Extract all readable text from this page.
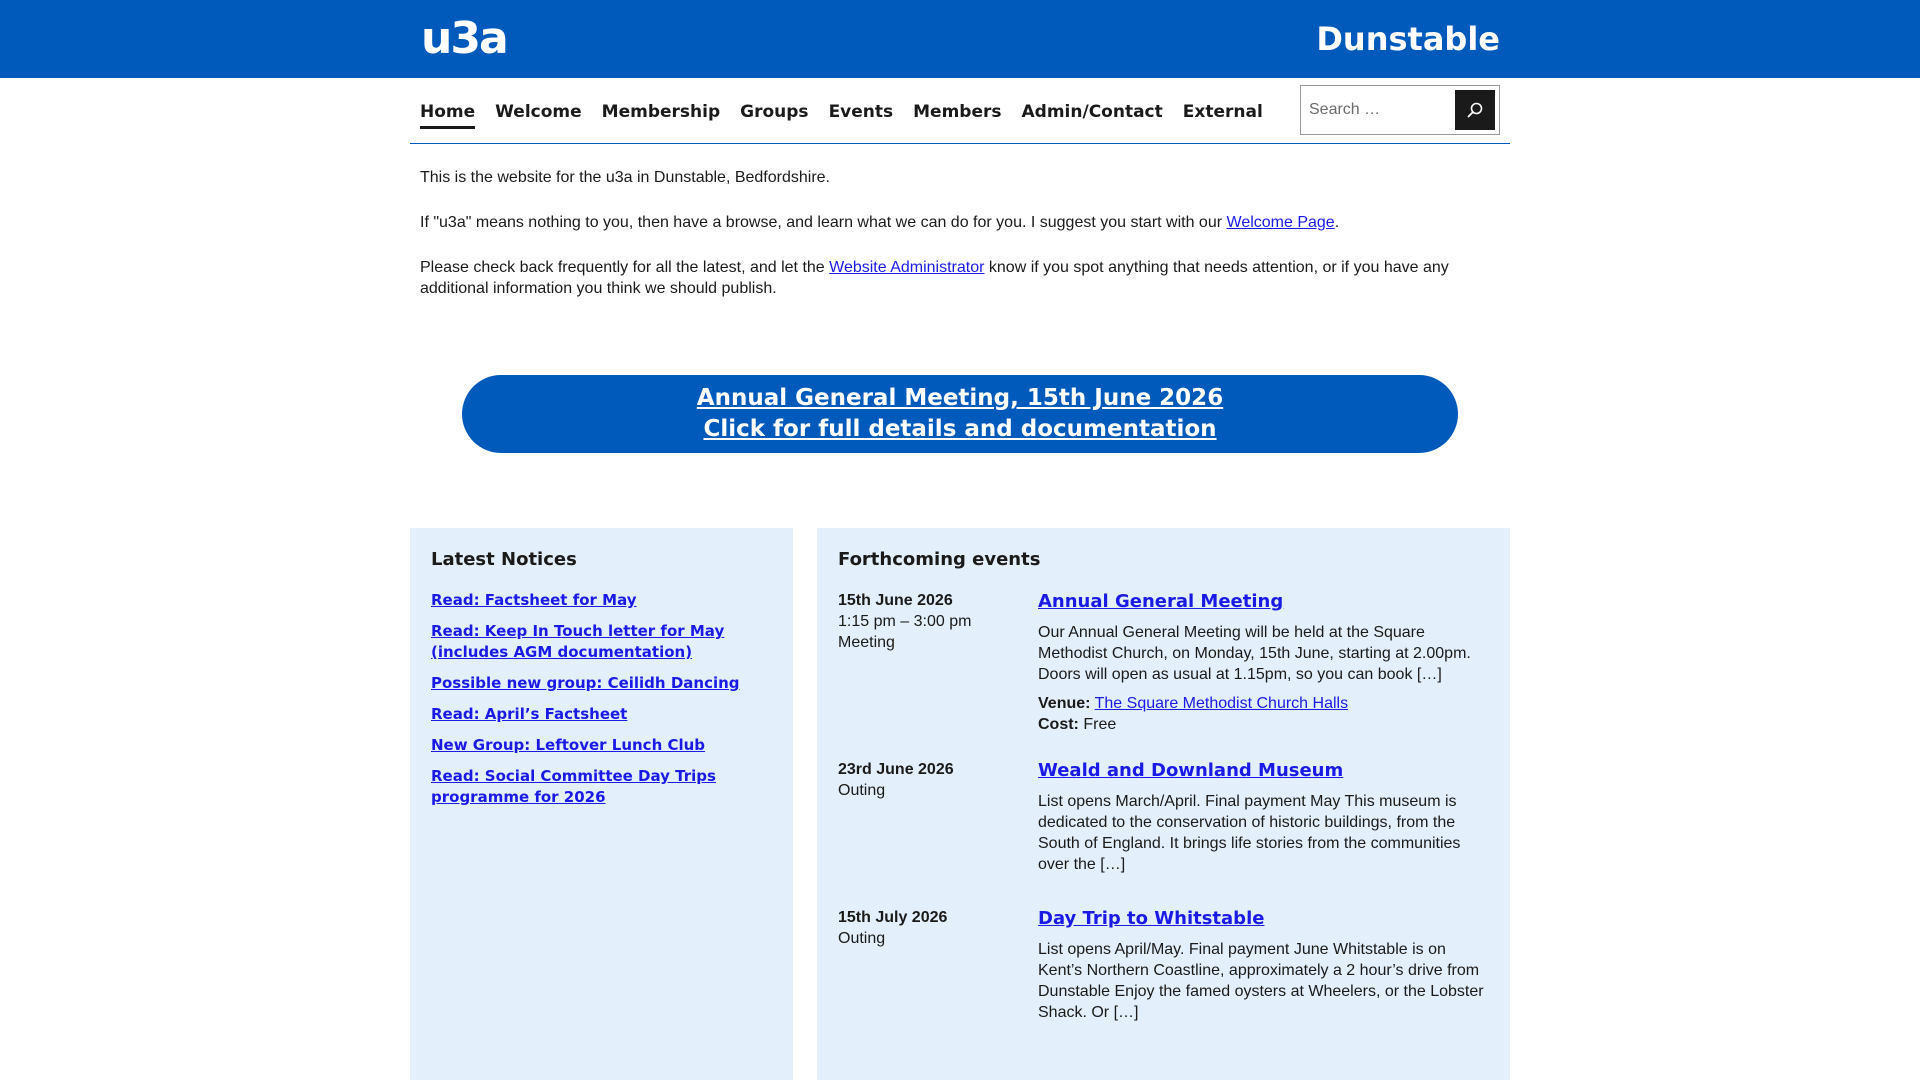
u3a	Dunstable
Home Welcome Membership Groups Events Members Admin/Contact External
Search …

This is the website for the u3a in Dunstable, Bedfordshire.

If "u3a" means nothing to you, then have a browse, and learn what we can do for you. I suggest you start with our Welcome Page.

Please check back frequently for all the latest, and let the Website Administrator know if you spot anything that needs attention, or if you have any additional information you think we should publish.

Annual General Meeting, 15th June 2026
Click for full details and documentation
Latest Notices
Read: Factsheet for May
Read: Keep In Touch letter for May (includes AGM documentation)
Possible new group: Ceilidh Dancing
Read: April’s Factsheet
New Group: Leftover Lunch Club
Read: Social Committee Day Trips programme for 2026
Forthcoming events
15th June 2026
1:15 pm – 3:00 pm
Meeting
Annual General Meeting
Our Annual General Meeting will be held at the Square Methodist Church, on Monday, 15th June, starting at 2.00pm. Doors will open as usual at 1.15pm, so you can book […]
Venue: The Square Methodist Church Halls
Cost: Free
23rd June 2026
Outing
Weald and Downland Museum
List opens March/April. Final payment May This museum is dedicated to the conservation of historic buildings, from the South of England. It brings life stories from the communities over the […]
15th July 2026
Outing
Day Trip to Whitstable
List opens April/May. Final payment June Whitstable is on Kent’s Northern Coastline, approximately a 2 hour’s drive from Dunstable Enjoy the famed oysters at Wheelers, or the Lobster Shack. Or […]
